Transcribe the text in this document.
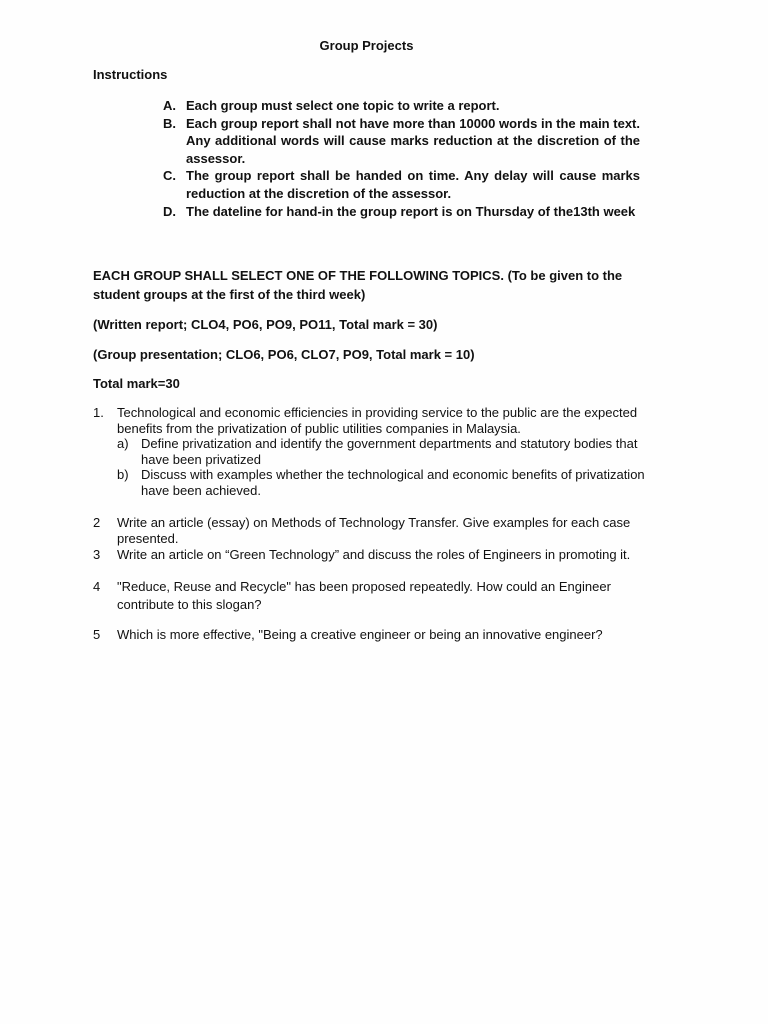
Group Projects
Instructions
A. Each group must select one topic to write a report.
B. Each group report shall not have more than 10000 words in the main text. Any additional words will cause marks reduction at the discretion of the assessor.
C. The group report shall be handed on time. Any delay will cause marks reduction at the discretion of the assessor.
D. The dateline for hand-in the group report is on Thursday of the13th week
EACH GROUP SHALL SELECT ONE OF THE FOLLOWING TOPICS. (To be given to the student groups at the first of the third week)
(Written report; CLO4, PO6, PO9, PO11, Total mark = 30)
(Group presentation; CLO6, PO6, CLO7, PO9, Total mark = 10)
Total mark=30
1.	Technological and economic efficiencies in providing service to the public are the expected benefits from the privatization of public utilities companies in Malaysia.
a) Define privatization and identify the government departments and statutory bodies that have been privatized
b) Discuss with examples whether the technological and economic benefits of privatization have been achieved.
2	Write an article (essay) on Methods of Technology Transfer. Give examples for each case presented.
3	Write an article on “Green Technology” and discuss the roles of Engineers in promoting it.
4	"Reduce, Reuse and Recycle" has been proposed repeatedly. How could an Engineer contribute to this slogan?
5	Which is more effective, "Being a creative engineer or being an innovative engineer?
